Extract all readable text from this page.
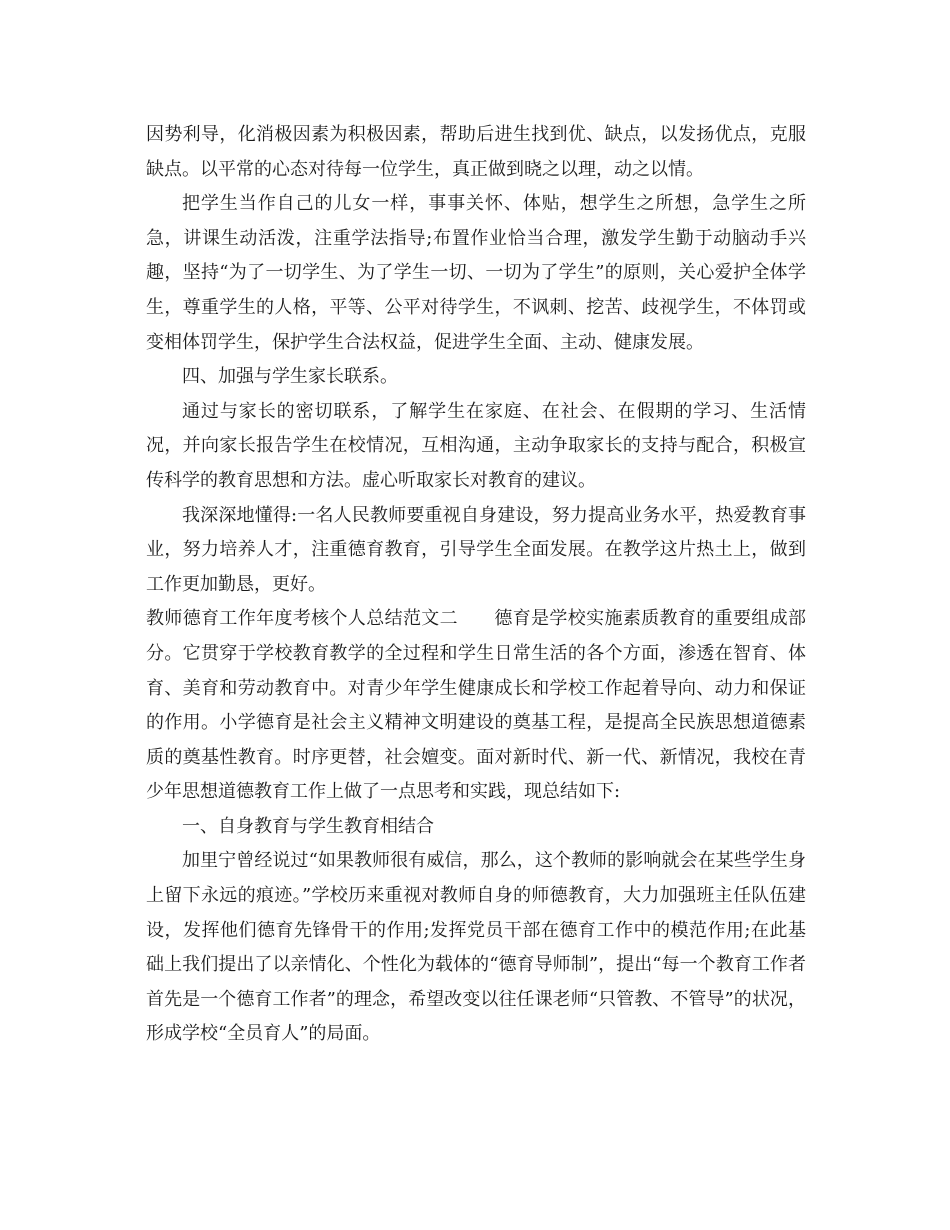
因势利导，化消极因素为积极因素，帮助后进生找到优、缺点，以发扬优点，克服缺点。以平常的心态对待每一位学生，真正做到晓之以理，动之以情。

把学生当作自己的儿女一样，事事关怀、体贴，想学生之所想，急学生之所急，讲课生动活泼，注重学法指导;布置作业恰当合理，激发学生勤于动脑动手兴趣，坚持“为了一切学生、为了学生一切、一切为了学生”的原则，关心爱护全体学生，尊重学生的人格，平等、公平对待学生，不讽刺、挖苦、歧视学生，不体罚或变相体罚学生，保护学生合法权益，促进学生全面、主动、健康发展。

四、加强与学生家长联系。

通过与家长的密切联系，了解学生在家庭、在社会、在假期的学习、生活情况，并向家长报告学生在校情况，互相沟通，主动争取家长的支持与配合，积极宣传科学的教育思想和方法。虚心听取家长对教育的建议。

我深深地懂得:一名人民教师要重视自身建设，努力提高业务水平，热爱教育事业，努力培养人才，注重德育教育，引导学生全面发展。在教学这片热土上，做到工作更加勤恳，更好。

教师德育工作年度考核个人总结范文二 德育是学校实施素质教育的重要组成部分。它贯穿于学校教育教学的全过程和学生日常生活的各个方面，渗透在智育、体育、美育和劳动教育中。对青少年学生健康成长和学校工作起着导向、动力和保证的作用。小学德育是社会主义精神文明建设的奠基工程，是提高全民族思想道德素质的奠基性教育。时序更替，社会嬗变。面对新时代、新一代、新情况，我校在青少年思想道德教育工作上做了一点思考和实践，现总结如下:

一、自身教育与学生教育相结合

加里宁曾经说过“如果教师很有威信，那么，这个教师的影响就会在某些学生身上留下永远的痕迹。”学校历来重视对教师自身的师德教育，大力加强班主任队伍建设，发挥他们德育先锋骨干的作用;发挥党员干部在德育工作中的模范作用;在此基础上我们提出了以亲情化、个性化为载体的“德育导师制”，提出“每一个教育工作者首先是一个德育工作者”的理念，希望改变以往任课老师“只管教、不管导”的状况，形成学校“全员育人”的局面。
